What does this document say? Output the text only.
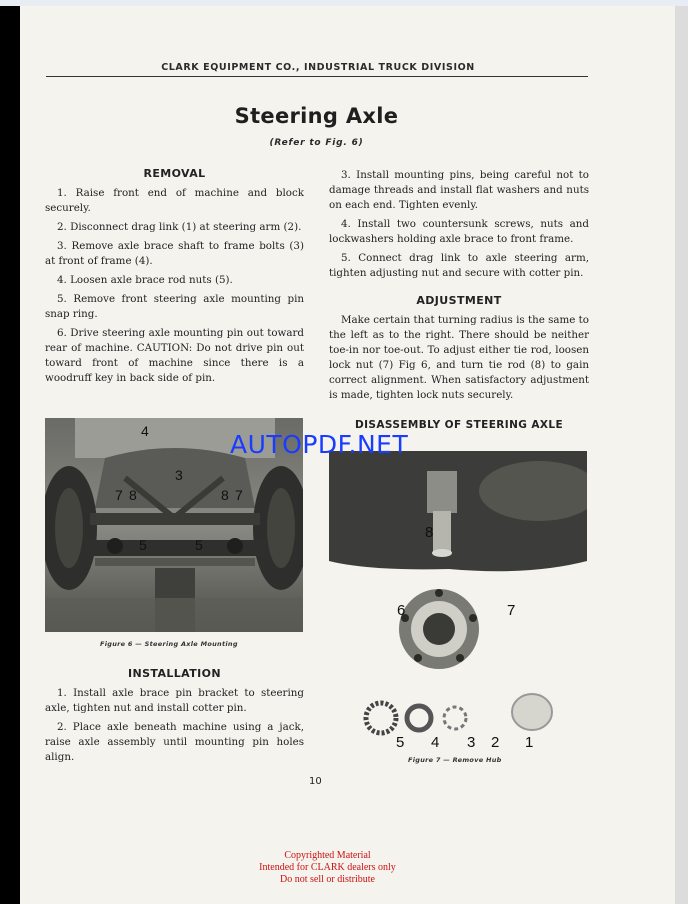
CLARK EQUIPMENT CO., INDUSTRIAL TRUCK DIVISION
Steering Axle
(Refer to Fig. 6)
REMOVAL

1. Raise front end of machine and block securely.

2. Disconnect drag link (1) at steering arm (2).

3. Remove axle brace shaft to frame bolts (3) at front of frame (4).

4. Loosen axle brace rod nuts (5).

5. Remove front steering axle mounting pin snap ring.

6. Drive steering axle mounting pin out toward rear of machine. CAUTION: Do not drive pin out toward front of machine since there is a woodruff key in back side of pin.

3. Install mounting pins, being careful not to damage threads and install flat washers and nuts on each end. Tighten evenly.

4. Install two countersunk screws, nuts and lockwashers holding axle brace to front frame.

5. Connect drag link to axle steering arm, tighten adjusting nut and secure with cotter pin.

ADJUSTMENT

Make certain that turning radius is the same to the left as to the right. There should be neither toe-in nor toe-out. To adjust either tie rod, loosen lock nut (7) Fig 6, and turn tie rod (8) to gain correct alignment. When satisfactory adjustment is made, tighten lock nuts securely.

DISASSEMBLY OF STEERING AXLE
4
3
7 8	8 7
5	5
Figure 6 — Steering Axle Mounting
INSTALLATION

1. Install axle brace pin bracket to steering axle, tighten nut and install cotter pin.

2. Place axle beneath machine using a jack, raise axle assembly until mounting pin holes align.

8
6	7
5 4 3 2 1
Figure 7 — Remove Hub
10
AUTOPDF.NET
Copyrighted Material
Intended for CLARK dealers only
Do not sell or distribute
